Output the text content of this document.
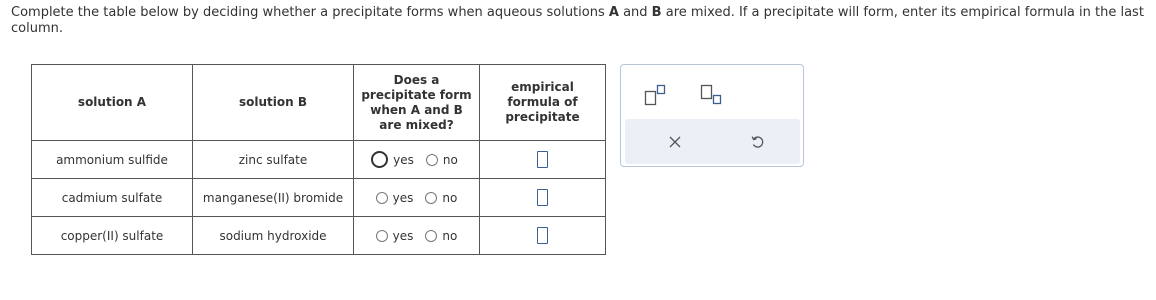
Complete the table below by deciding whether a precipitate forms when aqueous solutions A and B are mixed. If a precipitate will form, enter its empirical formula in the last column.
solution A	solution B	Does a precipitate form when A and B are mixed?	empirical formula of precipitate

ammonium sulfide	zinc sulfate	yes no	

cadmium sulfate	manganese(II) bromide	yes no	

copper(II) sulfate	sodium hydroxide	yes no	
